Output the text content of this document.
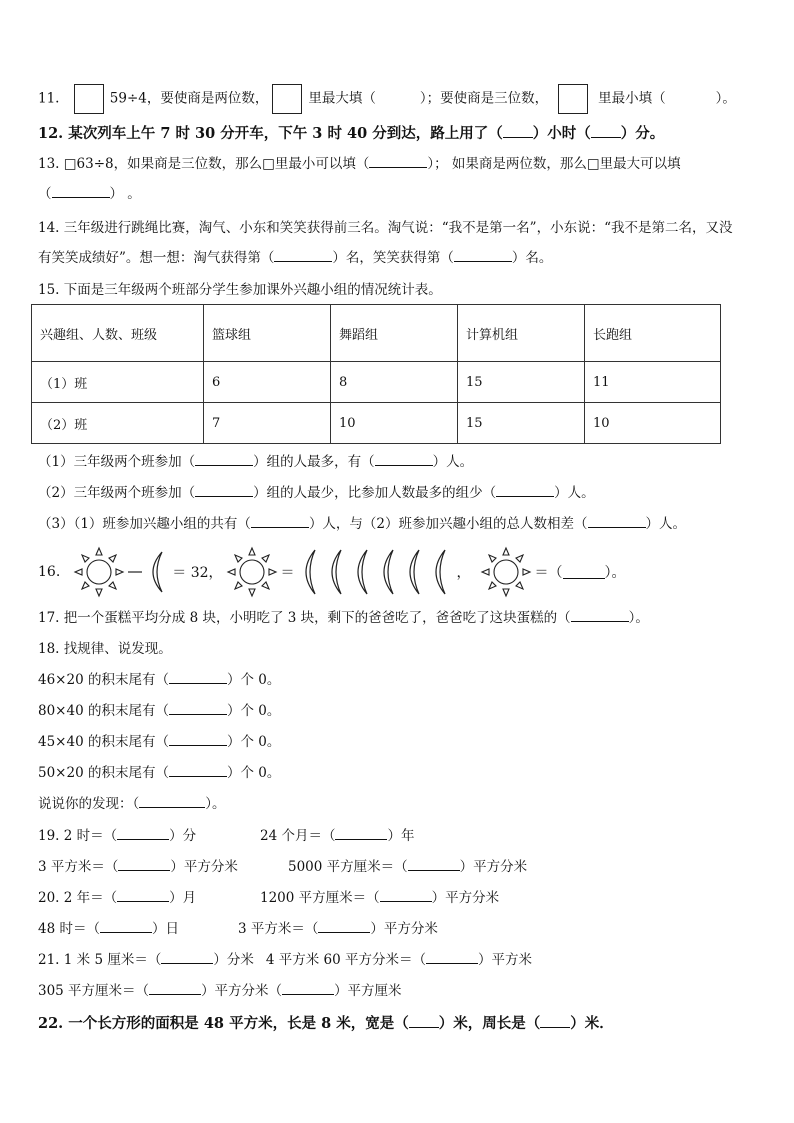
11.	59÷4，要使商是两位数，	里最大填（	）；要使商是三位数，	里最小填（	）。
12. 某次列车上午 7 时 30 分开车，下午 3 时 40 分到达，路上用了（ ）小时（ ）分。
13. □63÷8，如果商是三位数，那么□里最小可以填（	）； 如果商是两位数，那么□里最大可以填
（	） 。
14. 三年级进行跳绳比赛，淘气、小东和笑笑获得前三名。淘气说：“我不是第一名”，小东说：“我不是第二名，又没
有笑笑成绩好”。想一想：淘气获得第（	）名，笑笑获得第（	）名。
15. 下面是三年级两个班部分学生参加课外兴趣小组的情况统计表。
兴趣组、人数、班级	篮球组	舞蹈组	计算机组	长跑组
（1）班	6	8	15	11
（2）班	7	10	15	10
（1）三年级两个班参加（	）组的人最多，有（	）人。
（2）三年级两个班参加（	）组的人最少，比参加人数最多的组少（	）人。
（3）（1）班参加兴趣小组的共有（	）人，与（2）班参加兴趣小组的总人数相差（	）人。
16.	＝ 32，	＝	，	＝（	）。
17. 把一个蛋糕平均分成 8 块，小明吃了 3 块，剩下的爸爸吃了，爸爸吃了这块蛋糕的（	）。
18. 找规律、说发现。
46×20 的积末尾有（	）个 0。
80×40 的积末尾有（	）个 0。
45×40 的积末尾有（	）个 0。
50×20 的积末尾有（	）个 0。
说说你的发现：（	）。
19. 2 时＝（	）分	24 个月＝（	）年
3 平方米＝（	）平方分米	5000 平方厘米＝（	）平方分米
20. 2 年＝（	）月	1200 平方厘米＝（	）平方分米
48 时＝（	）日	3 平方米＝（	）平方分米
21. 1 米 5 厘米＝（	）分米 4 平方米 60 平方分米＝（	）平方米
305 平方厘米＝（	）平方分米（	）平方厘米
22. 一个长方形的面积是 48 平方米，长是 8 米，宽是（ ）米，周长是（ ）米．
